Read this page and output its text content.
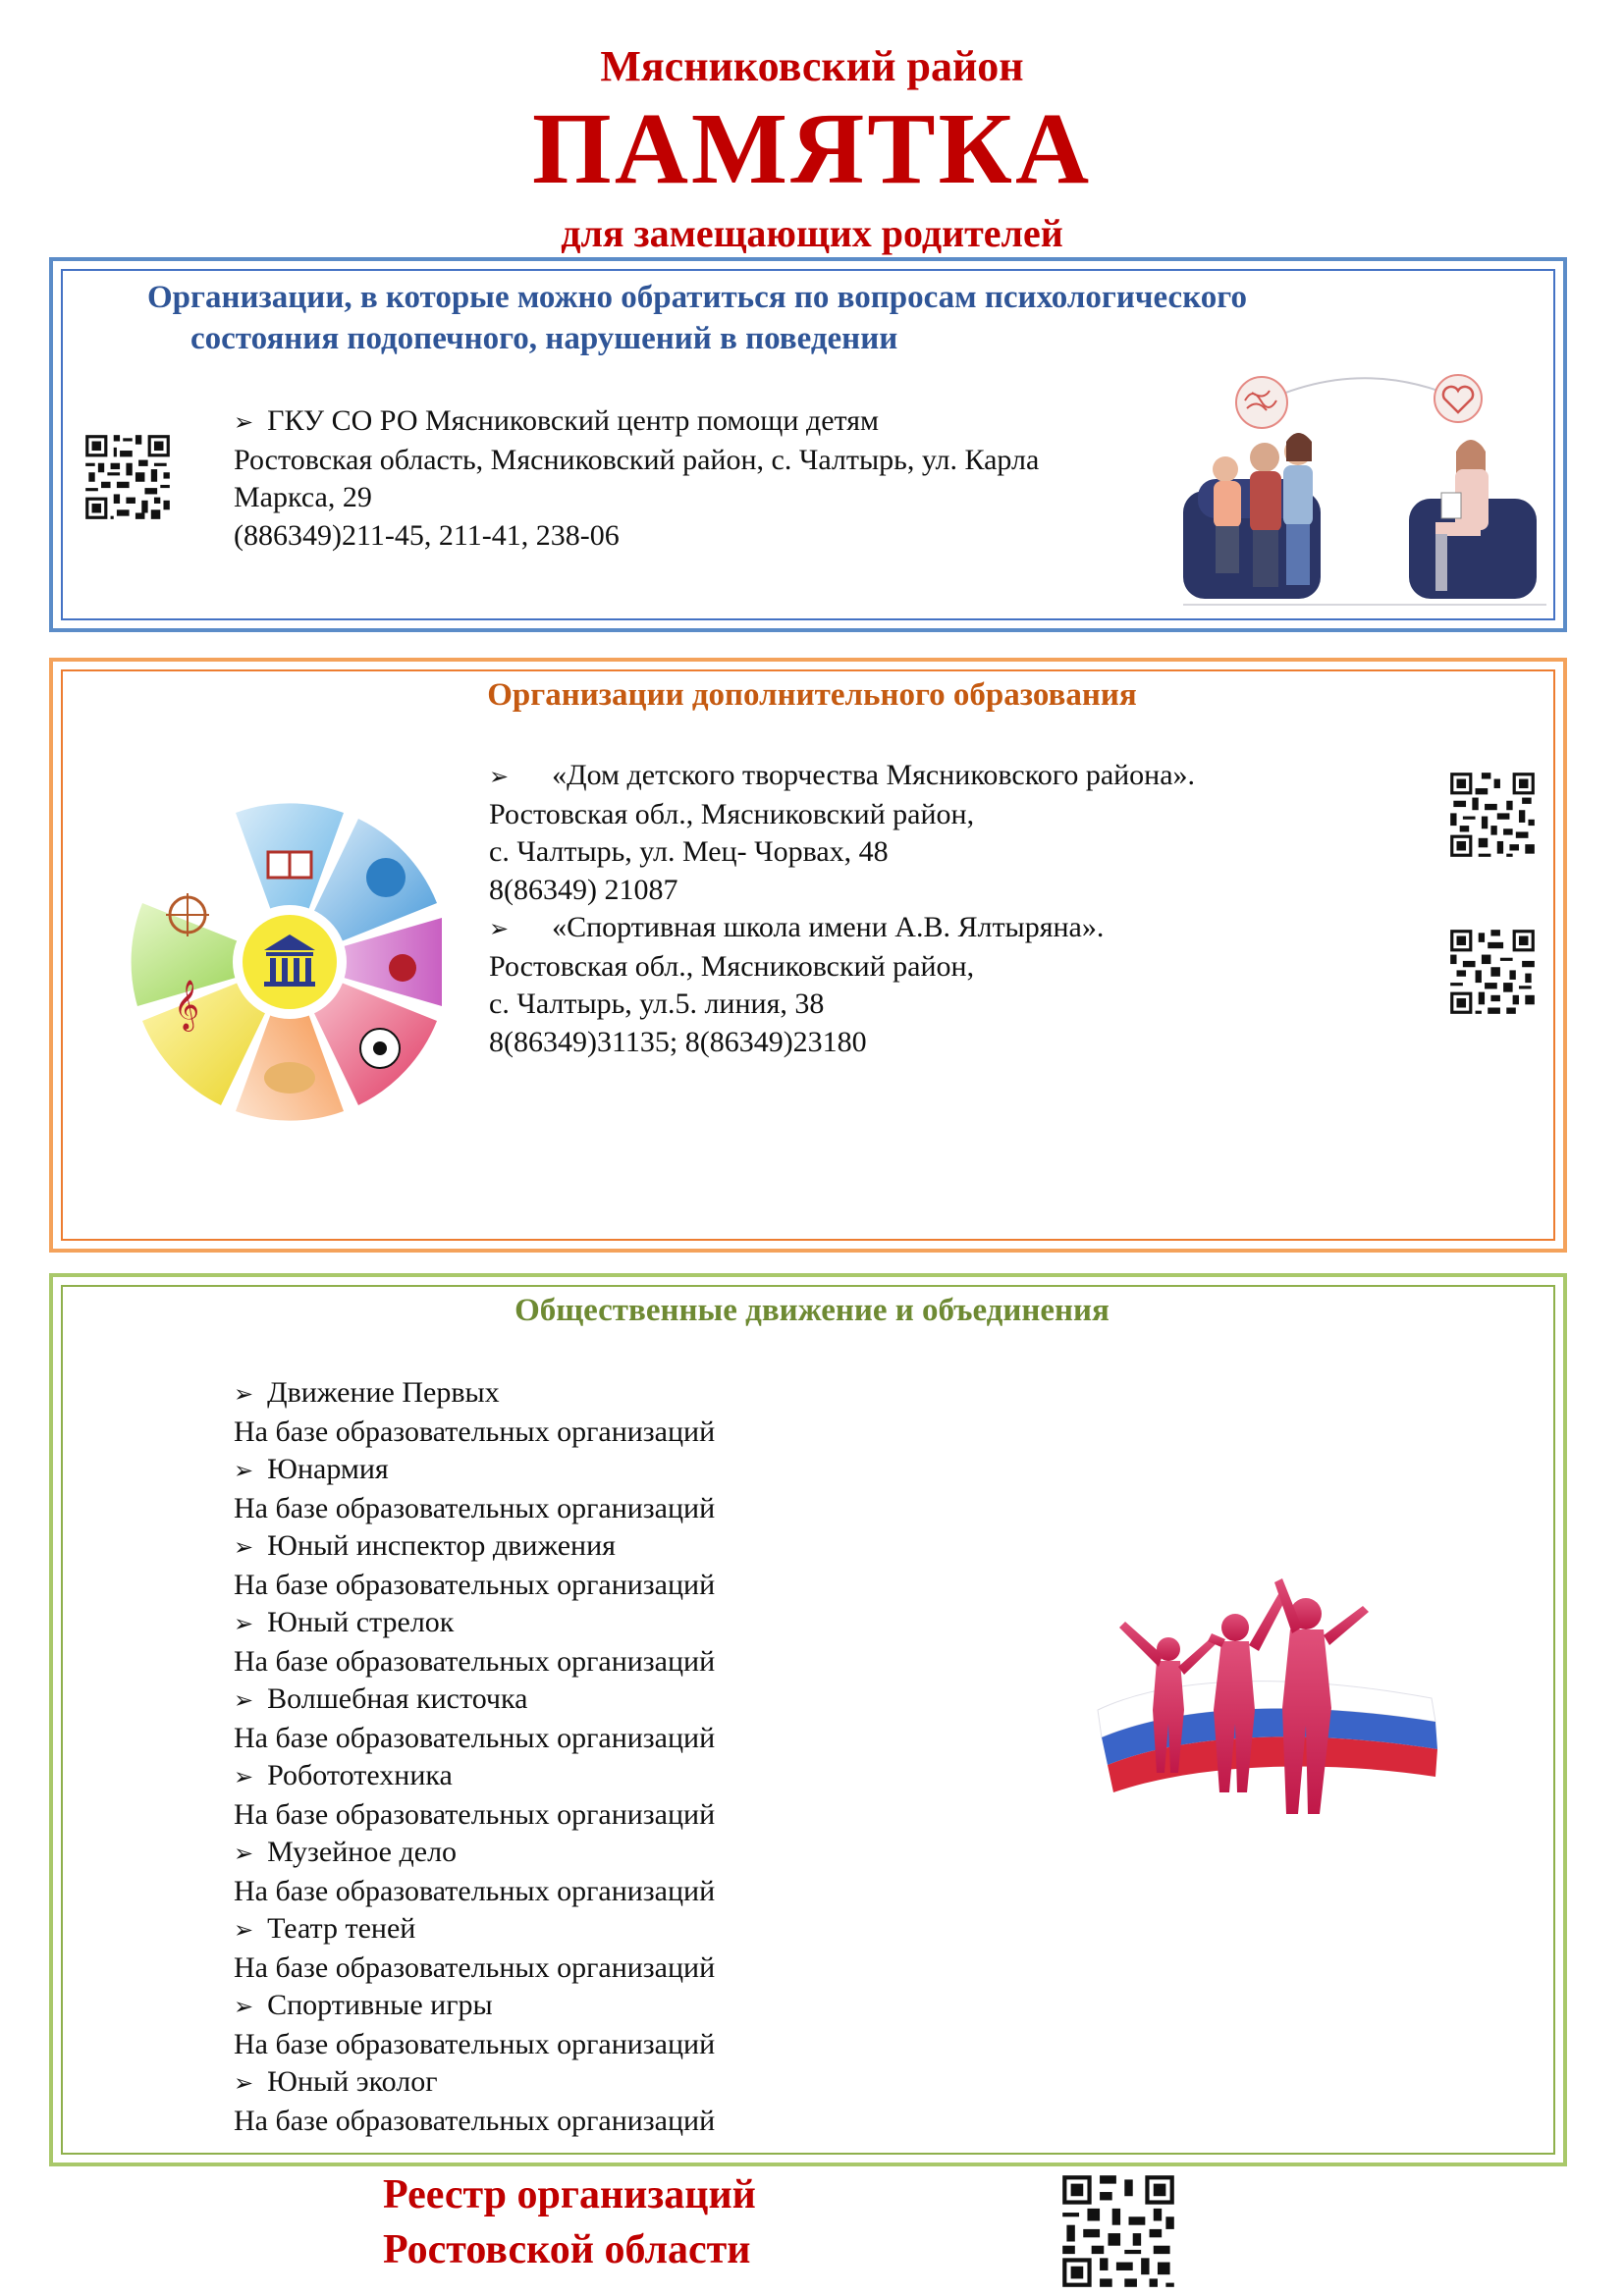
Мясниковский район
ПАМЯТКА
для замещающих родителей
Организации, в которые можно обратиться по вопросам психологического
состояния подопечного, нарушений в поведении
➢ ГКУ СО РО Мясниковский центр помощи детям
Ростовская область, Мясниковский район, с. Чалтырь, ул. Карла
Маркса, 29
(886349)211-45, 211-41, 238-06
Организации дополнительного образования
𝄞
➢ «Дом детского творчества Мясниковского района».
Ростовская обл., Мясниковский район,
с. Чалтырь, ул. Мец- Чорвах, 48
8(86349) 21087
➢ «Спортивная школа имени А.В. Ялтыряна».
Ростовская обл., Мясниковский район,
с. Чалтырь, ул.5. линия, 38
8(86349)31135; 8(86349)23180
Общественные движение и объединения
➢ Движение Первых
На базе образовательных организаций
➢ Юнармия
На базе образовательных организаций
➢ Юный инспектор движения
На базе образовательных организаций
➢ Юный стрелок
На базе образовательных организаций
➢ Волшебная кисточка
На базе образовательных организаций
➢ Робототехника
На базе образовательных организаций
➢ Музейное дело
На базе образовательных организаций
➢ Театр теней
На базе образовательных организаций
➢ Спортивные игры
На базе образовательных организаций
➢ Юный эколог
На базе образовательных организаций
Реестр организаций
Ростовской области
